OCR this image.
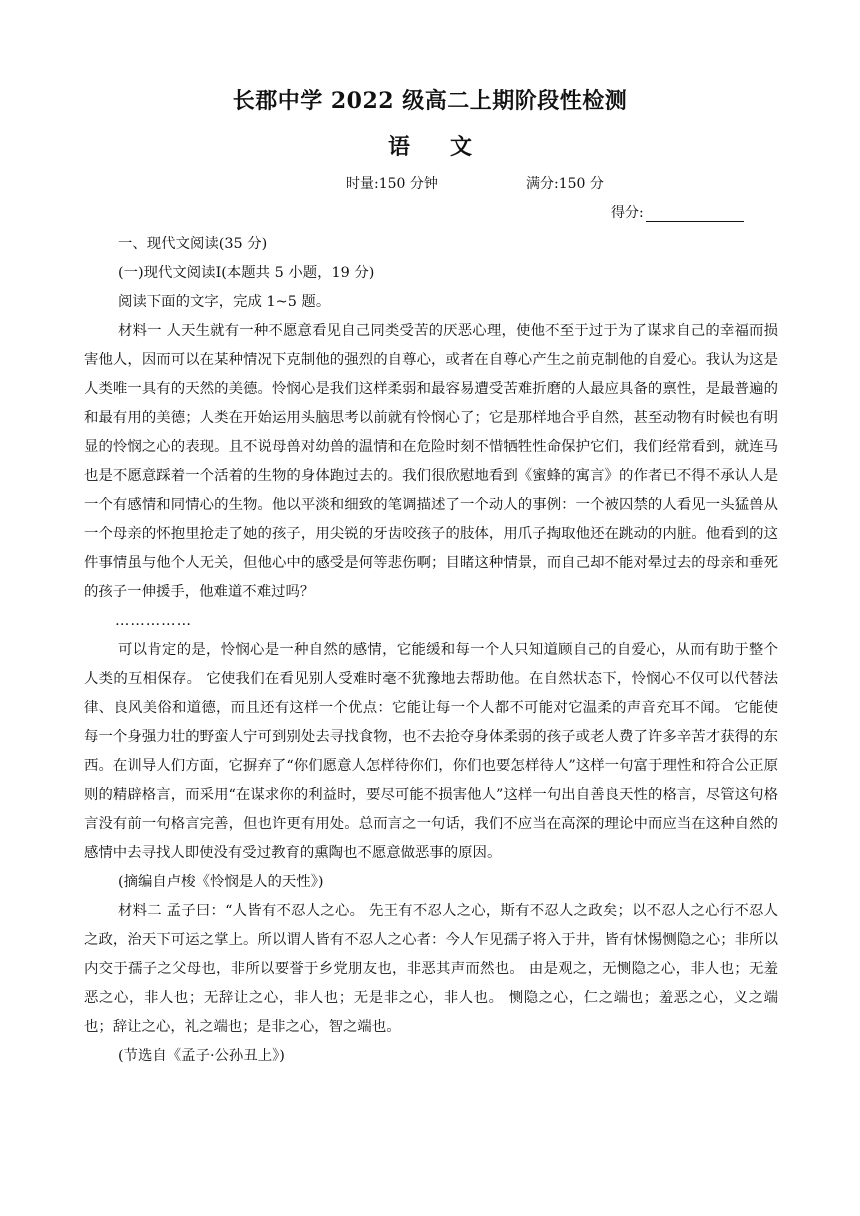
长郡中学 2022 级高二上期阶段性检测
语文
时量:150 分钟	满分:150 分
得分:

一、现代文阅读(35 分)

(一)现代文阅读Ⅰ(本题共 5 小题，19 分)

阅读下面的文字，完成 1~5 题。

材料一 人天生就有一种不愿意看见自己同类受苦的厌恶心理，使他不至于过于为了谋求自己的幸福而损害他人，因而可以在某种情况下克制他的强烈的自尊心，或者在自尊心产生之前克制他的自爱心。我认为这是人类唯一具有的天然的美德。怜悯心是我们这样柔弱和最容易遭受苦难折磨的人最应具备的禀性，是最普遍的和最有用的美德；人类在开始运用头脑思考以前就有怜悯心了；它是那样地合乎自然，甚至动物有时候也有明显的怜悯之心的表现。且不说母兽对幼兽的温情和在危险时刻不惜牺牲性命保护它们，我们经常看到，就连马也是不愿意踩着一个活着的生物的身体跑过去的。我们很欣慰地看到《蜜蜂的寓言》的作者已不得不承认人是一个有感情和同情心的生物。他以平淡和细致的笔调描述了一个动人的事例：一个被囚禁的人看见一头猛兽从一个母亲的怀抱里抢走了她的孩子，用尖锐的牙齿咬孩子的肢体，用爪子掏取他还在跳动的内脏。他看到的这件事情虽与他个人无关，但他心中的感受是何等悲伤啊；目睹这种情景，而自己却不能对晕过去的母亲和垂死的孩子一伸援手，他难道不难过吗？

……………

可以肯定的是，怜悯心是一种自然的感情，它能缓和每一个人只知道顾自己的自爱心，从而有助于整个人类的互相保存。 它使我们在看见别人受难时毫不犹豫地去帮助他。在自然状态下，怜悯心不仅可以代替法律、良风美俗和道德，而且还有这样一个优点：它能让每一个人都不可能对它温柔的声音充耳不闻。 它能使每一个身强力壮的野蛮人宁可到别处去寻找食物，也不去抢夺身体柔弱的孩子或老人费了许多辛苦才获得的东西。在训导人们方面，它摒弃了“你们愿意人怎样待你们，你们也要怎样待人”这样一句富于理性和符合公正原则的精辟格言，而采用“在谋求你的利益时，要尽可能不损害他人”这样一句出自善良天性的格言，尽管这句格言没有前一句格言完善，但也许更有用处。总而言之一句话，我们不应当在高深的理论中而应当在这种自然的感情中去寻找人即使没有受过教育的熏陶也不愿意做恶事的原因。

(摘编自卢梭《怜悯是人的天性》)

材料二 孟子曰：“人皆有不忍人之心。 先王有不忍人之心，斯有不忍人之政矣；以不忍人之心行不忍人之政，治天下可运之掌上。所以谓人皆有不忍人之心者：今人乍见孺子将入于井，皆有怵惕恻隐之心；非所以内交于孺子之父母也，非所以要誉于乡党朋友也，非恶其声而然也。 由是观之，无恻隐之心，非人也；无羞恶之心，非人也；无辞让之心，非人也；无是非之心，非人也。 恻隐之心，仁之端也；羞恶之心，义之端也；辞让之心，礼之端也；是非之心，智之端也。

(节选自《孟子·公孙丑上》)
